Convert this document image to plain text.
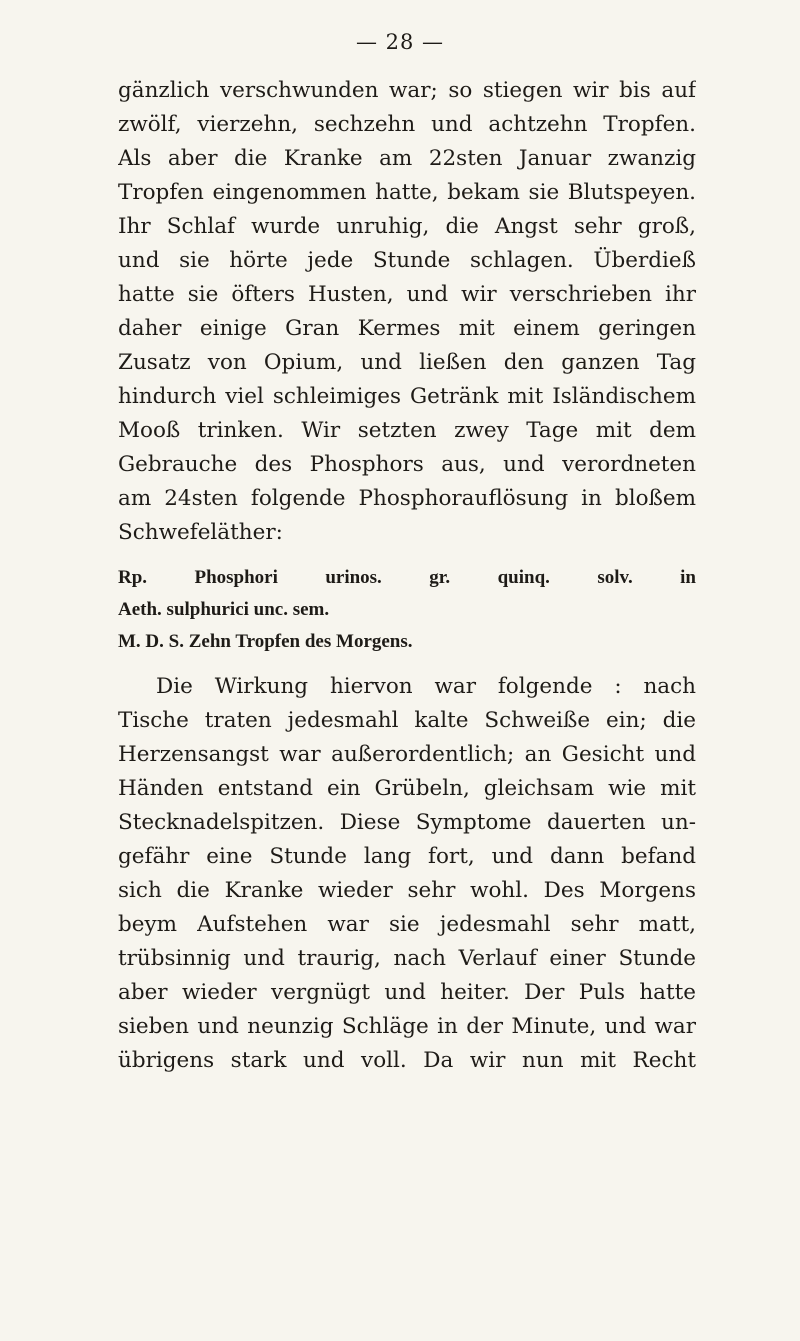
— 28 —
gänzlich verschwunden war; so stiegen wir bis auf
zwölf, vierzehn, sechzehn und achtzehn Tropfen.
Als aber die Kranke am 22sten Januar zwanzig
Tropfen eingenommen hatte, bekam sie Blutspeyen.
Ihr Schlaf wurde unruhig, die Angst sehr groß,
und sie hörte jede Stunde schlagen. Überdieß
hatte sie öfters Husten, und wir verschrieben ihr
daher einige Gran Kermes mit einem geringen
Zusatz von Opium, und ließen den ganzen Tag
hindurch viel schleimiges Getränk mit Isländischem
Mooß trinken. Wir setzten zwey Tage mit dem
Gebrauche des Phosphors aus, und verordneten
am 24sten folgende Phosphorauflösung in bloßem
Schwefeläther:
Rp. Phosphori urinos. gr. quinq. solv. in
Aeth. sulphurici unc. sem.
M. D. S. Zehn Tropfen des Morgens.
Die Wirkung hiervon war folgende : nach
Tische traten jedesmahl kalte Schweiße ein; die
Herzensangst war außerordentlich; an Gesicht und
Händen entstand ein Grübeln, gleichsam wie mit
Stecknadelspitzen. Diese Symptome dauerten un-
gefähr eine Stunde lang fort, und dann befand
sich die Kranke wieder sehr wohl. Des Morgens
beym Aufstehen war sie jedesmahl sehr matt,
trübsinnig und traurig, nach Verlauf einer Stunde
aber wieder vergnügt und heiter. Der Puls hatte
sieben und neunzig Schläge in der Minute, und war
übrigens stark und voll. Da wir nun mit Recht
